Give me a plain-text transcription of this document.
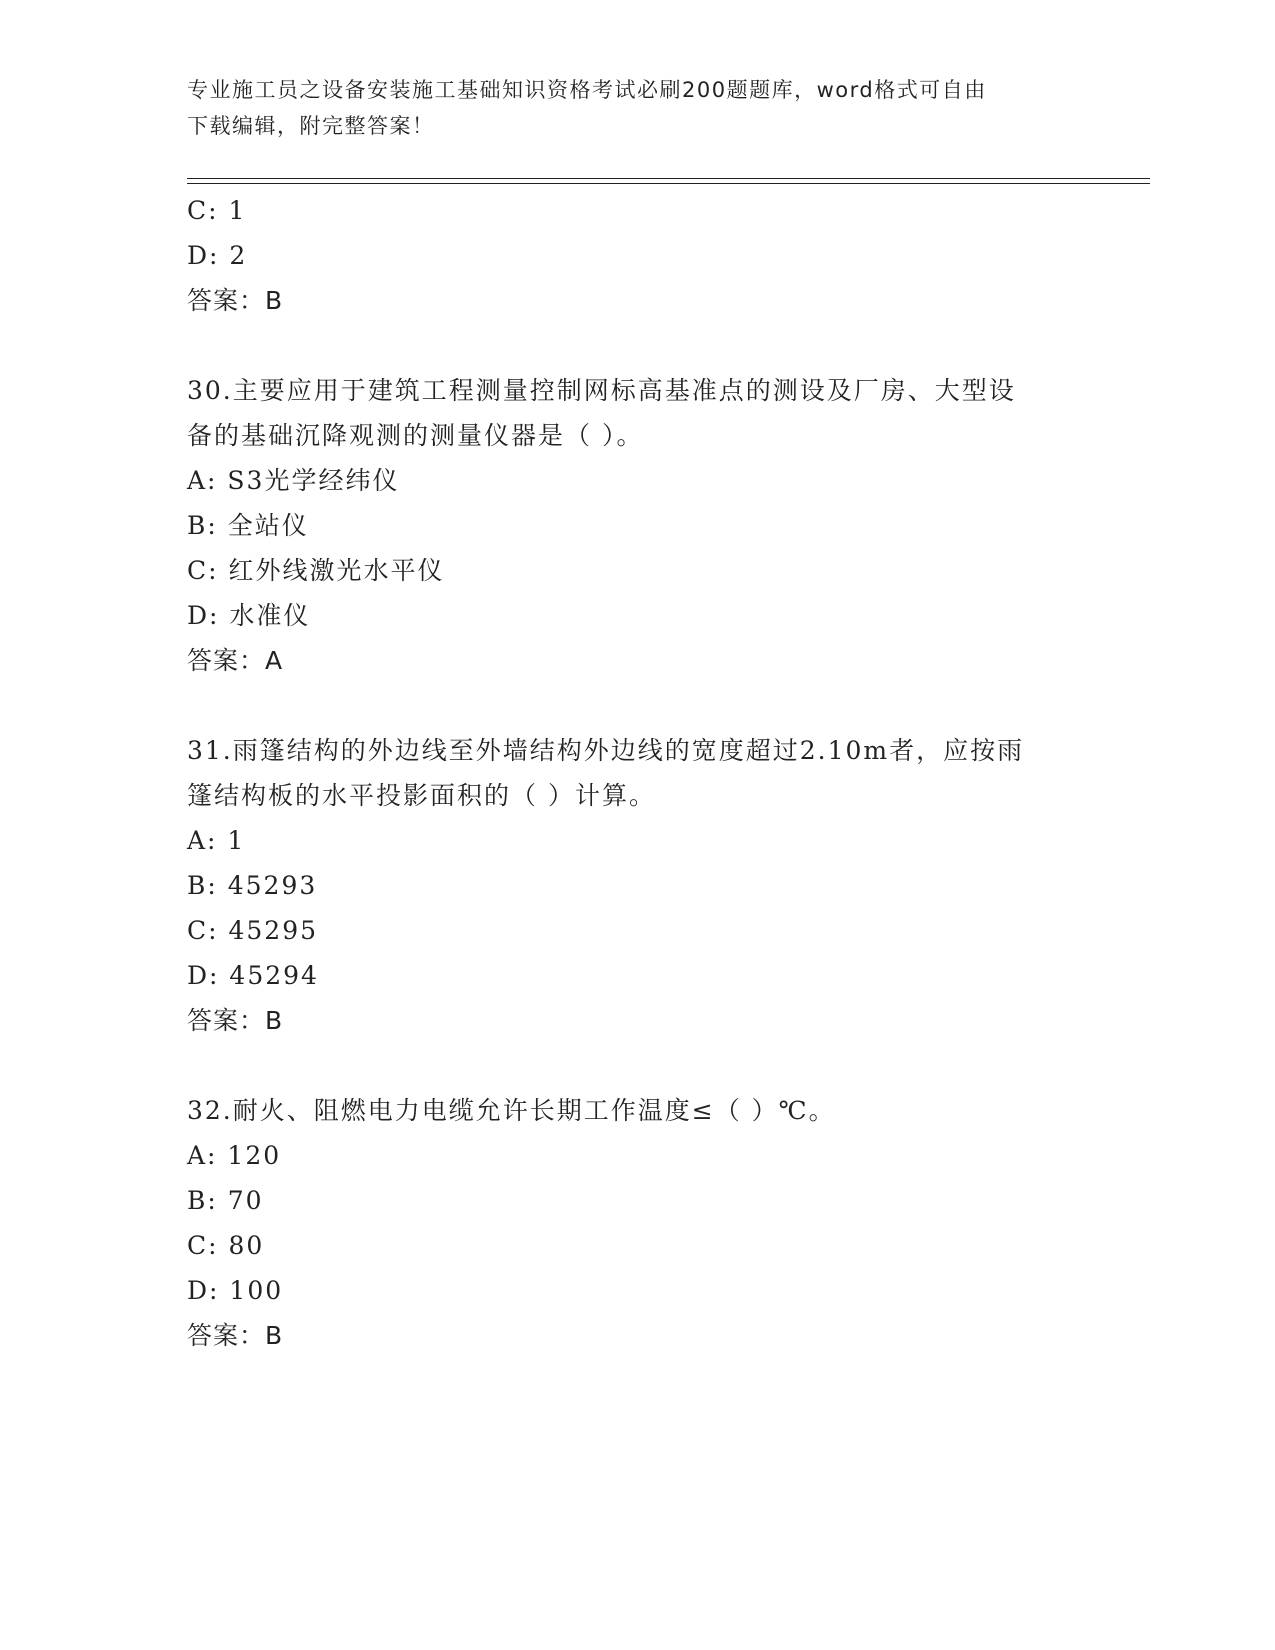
专业施工员之设备安装施工基础知识资格考试必刷200题题库，word格式可自由
下载编辑，附完整答案！
C: 1
D: 2
答案：B
30.主要应用于建筑工程测量控制网标高基准点的测设及厂房、大型设
备的基础沉降观测的测量仪器是（ ）。
A: S3光学经纬仪
B: 全站仪
C: 红外线激光水平仪
D: 水准仪
答案：A
31.雨篷结构的外边线至外墙结构外边线的宽度超过2.10m者，应按雨
篷结构板的水平投影面积的（ ）计算。
A: 1
B: 45293
C: 45295
D: 45294
答案：B
32.耐火、阻燃电力电缆允许长期工作温度≤（ ）℃。
A: 120
B: 70
C: 80
D: 100
答案：B
